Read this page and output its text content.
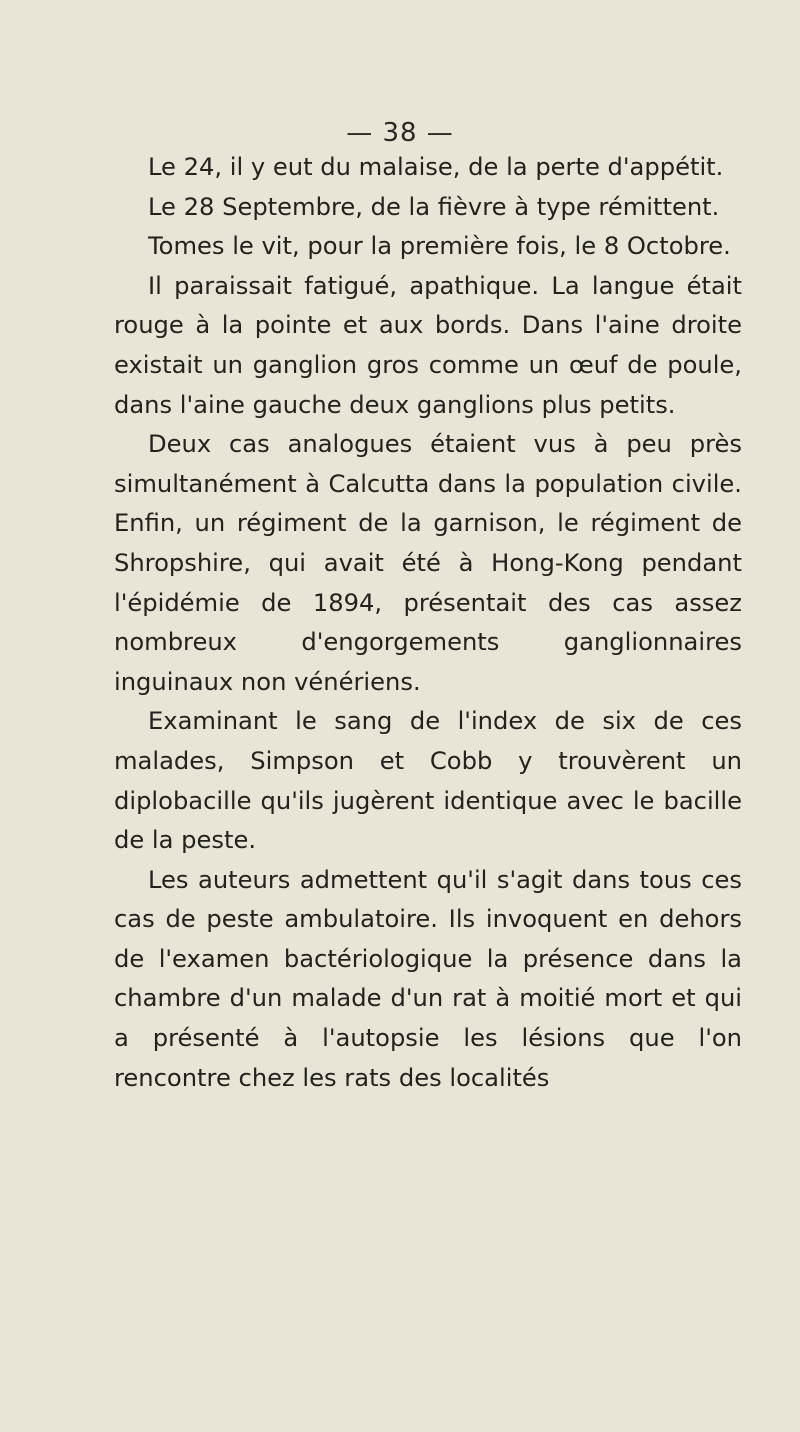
— 38 —

Le 24, il y eut du malaise, de la perte d'appétit.

Le 28 Septembre, de la fièvre à type rémittent.

Tomes le vit, pour la première fois, le 8 Octobre.

Il paraissait fatigué, apathique. La langue était rouge à la pointe et aux bords. Dans l'aine droite existait un ganglion gros comme un œuf de poule, dans l'aine gauche deux ganglions plus petits.

Deux cas analogues étaient vus à peu près simultanément à Calcutta dans la population civile. Enfin, un régiment de la garnison, le régiment de Shropshire, qui avait été à Hong-Kong pendant l'épidémie de 1894, présentait des cas assez nombreux d'engorgements ganglionnaires inguinaux non vénériens.

Examinant le sang de l'index de six de ces malades, Simpson et Cobb y trouvèrent un diplobacille qu'ils jugèrent identique avec le bacille de la peste.

Les auteurs admettent qu'il s'agit dans tous ces cas de peste ambulatoire. Ils invoquent en dehors de l'examen bactériologique la présence dans la chambre d'un malade d'un rat à moitié mort et qui a présenté à l'autopsie les lésions que l'on rencontre chez les rats des localités
